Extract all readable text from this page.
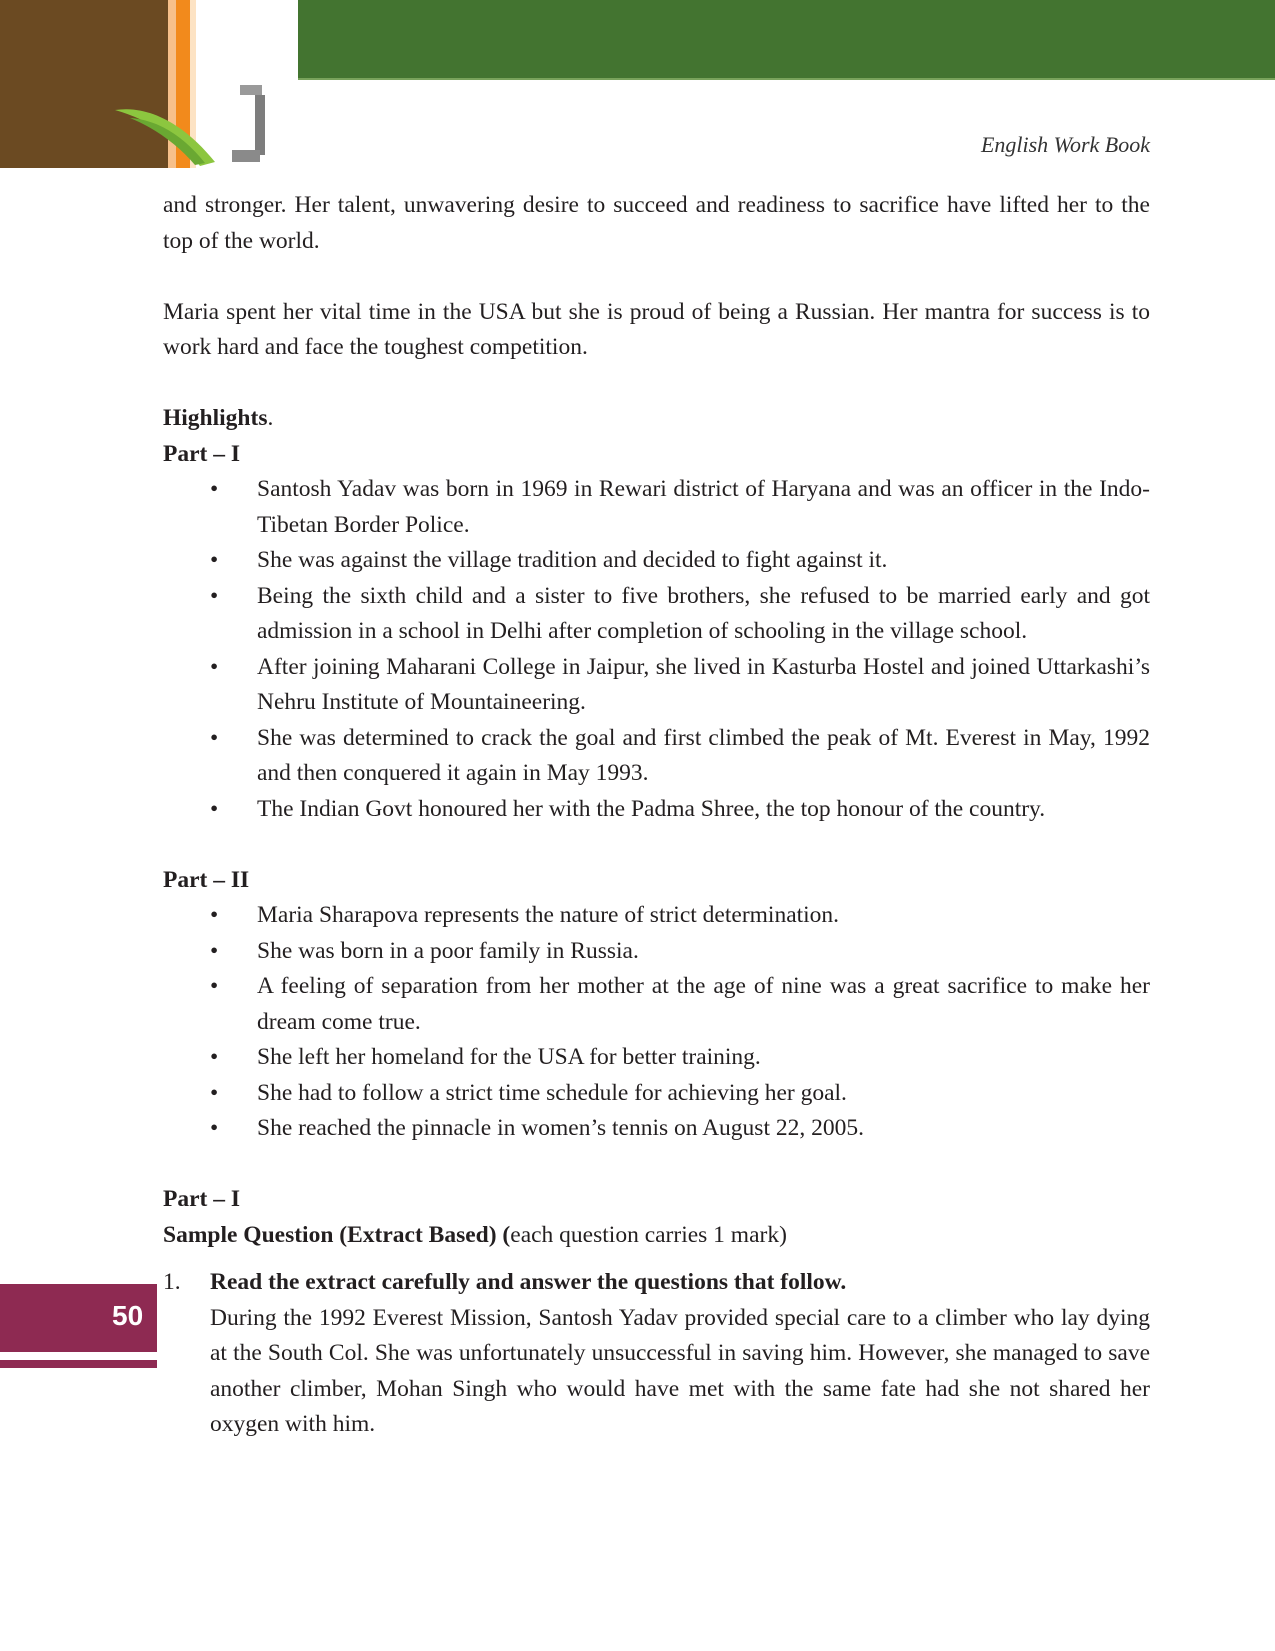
English Work Book
50

and stronger. Her talent, unwavering desire to succeed and readiness to sacrifice have lifted her to the top of the world.

Maria spent her vital time in the USA but she is proud of being a Russian. Her mantra for success is to work hard and face the toughest competition.

Highlights.

Part – I

• Santosh Yadav was born in 1969 in Rewari district of Haryana and was an officer in the Indo-Tibetan Border Police.
• She was against the village tradition and decided to fight against it.
• Being the sixth child and a sister to five brothers, she refused to be married early and got admission in a school in Delhi after completion of schooling in the village school.
• After joining Maharani College in Jaipur, she lived in Kasturba Hostel and joined Uttarkashi’s Nehru Institute of Mountaineering.
• She was determined to crack the goal and first climbed the peak of Mt. Everest in May, 1992 and then conquered it again in May 1993.
• The Indian Govt honoured her with the Padma Shree, the top honour of the country.

Part – II

• Maria Sharapova represents the nature of strict determination.
• She was born in a poor family in Russia.
• A feeling of separation from her mother at the age of nine was a great sacrifice to make her dream come true.
• She left her homeland for the USA for better training.
• She had to follow a strict time schedule for achieving her goal.
• She reached the pinnacle in women’s tennis on August 22, 2005.

Part – I

Sample Question (Extract Based) (each question carries 1 mark)

1. Read the extract carefully and answer the questions that follow.

During the 1992 Everest Mission, Santosh Yadav provided special care to a climber who lay dying at the South Col. She was unfortunately unsuccessful in saving him. However, she managed to save another climber, Mohan Singh who would have met with the same fate had she not shared her oxygen with him.
